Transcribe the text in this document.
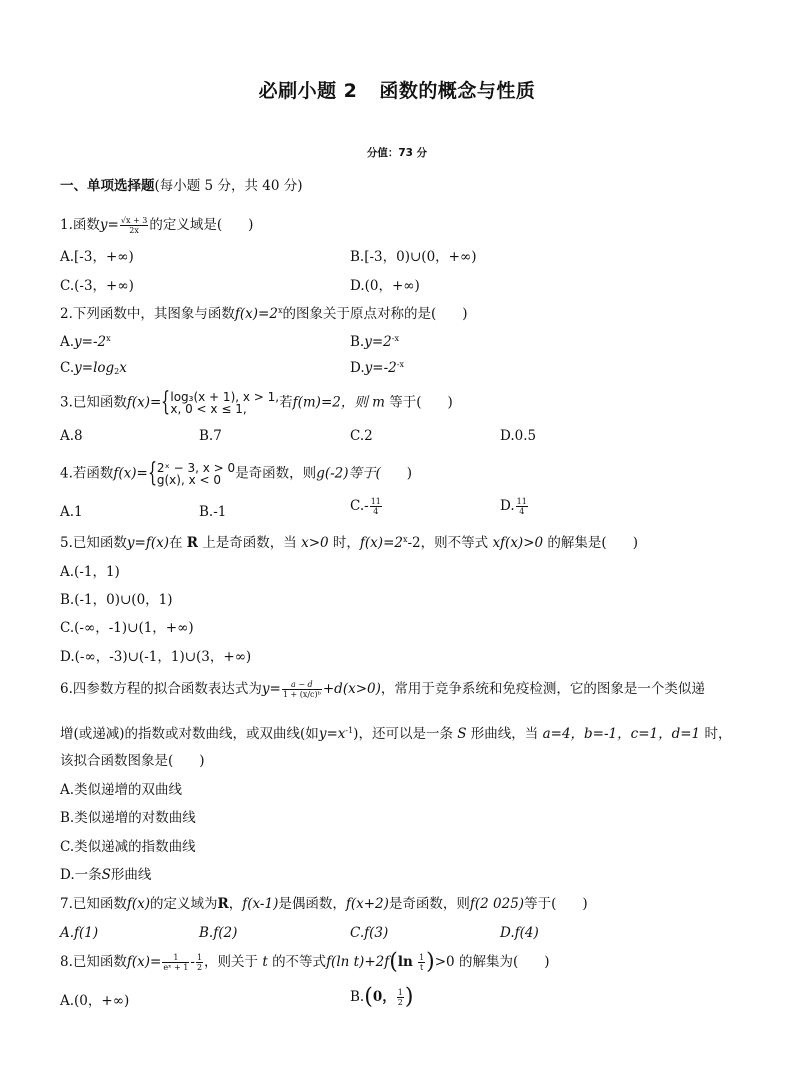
必刷小题 2 函数的概念与性质
分值：73 分
一、单项选择题(每小题 5 分，共 40 分)
1.函数$y= \frac{√x + 3}{2x}$ 的定义域是( )
A.[-3，+∞)	B.[-3，0)∪(0，+∞)
C.(-3，+∞)	D.(0，+∞)
2.下列函数中，其图象与函数$f(x)=2^x$的图象关于原点对称的是( )
$A.y=-2^x$	$B.y=2^{-x}$
$C.y=\log_2x$	$D.y=-2^{-x}$
3.已知函数f(x)= { log₃(x + 1), x > 1,
x, 0 < x ≤ 1,	若f(m)=2，则 m 等于( )
A.8	B.7	C.2	D.0.5
4.若函数f(x)= { 2ˣ − 3, x > 0
g(x), x < 0	是奇函数，则g(-2)等于( )
A.1	B.-1	$C.- \frac{11}{4}$	D. $\frac{11}{4}$
5.已知函数y=f(x)在 R 上是奇函数，当 x>0 时，$f(x)=2^x-2$，则不等式 xf(x)>0 的解集是( )
A.(-1，1)
B.(-1，0)∪(0，1)
C.(-∞，-1)∪(1，+∞)
D.(-∞，-3)∪(-1，1)∪(3，+∞)
6.四参数方程的拟合函数表达式为$y= \frac{a - d}{\text{1 + (x/c)ᵇ}} +d(x>0)$，常用于竞争系统和免疫检测，它的图象是一个类似递
增(或递减)的指数或对数曲线，或双曲线(如$y=x^{-1}$)，还可以是一条 S 形曲线，当 a=4，b=-1，c=1，d=1 时，
该拟合函数图象是( )
A.类似递增的双曲线
B.类似递增的对数曲线
C.类似递减的指数曲线
D.一条S形曲线
7.已知函数f(x)的定义域为R，f(x-1)是偶函数，f(x+2)是奇函数，则f(2 025)等于( )
A.f(1)	B.f(2)	C.f(3)	D.f(4)
8.已知函数$f(x)= \frac{1}{\text{eˣ + 1}} - \frac{1}{2}$ ，则关于 t 的不等式f(ln $t)+2f(\ln \frac{1}{t} )>0$ 的解集为( )
A.(0，+∞)	B.(0， $\frac{1}{2}$ )
